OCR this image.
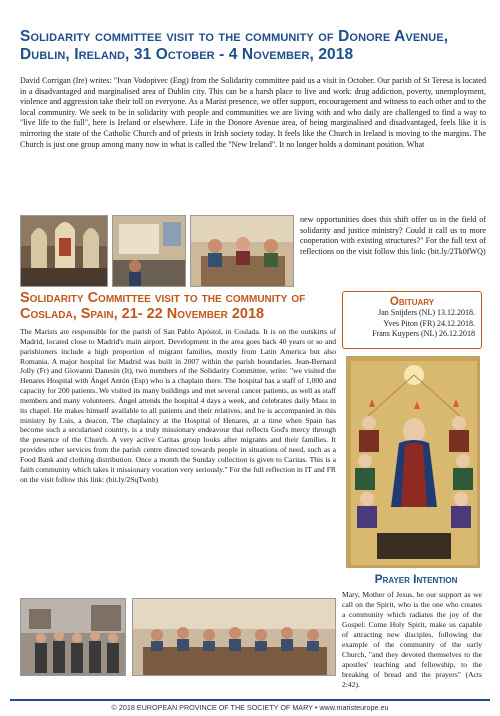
Solidarity committee visit to the community of Donore Avenue, Dublin, Ireland, 31 October - 4 November, 2018
David Corrigan (Ire) writes: "Ivan Vodopivec (Eng) from the Solidarity committee paid us a visit in October. Our parish of St Teresa is located in a disadvantaged and marginalised area of Dublin city. This can be a harsh place to live and work: drug addiction, poverty, unemployment, violence and aggression take their toll on everyone. As a Marist presence, we offer support, encouragement and witness to each other and to the local community. We seek to be in solidarity with people and communities we are living with and who daily are challenged to find a way to "live life to the full", here is Ireland or elsewhere. Life in the Donore Avenue area, of being marginalised and disadvantaged, feels like it is mirroring the state of the Catholic Church and of priests in Irish society today. It feels like the Church in Ireland is moving to the margins. The Church is just one group among many now in what is called the "New Ireland". It no longer holds a dominant position. What
new opportunities does this shift offer us in the field of solidarity and justice ministry? Could it call us to more cooperation with existing structures?" For the full text of reflections on the visit follow this link: (bit.ly/2Tk0fWQ)
Solidarity Committee visit to the community of Coslada, Spain, 21- 22 November 2018
The Marists are responsible for the parish of San Pablo Apóstol, in Coslada. It is on the outskirts of Madrid, located close to Madrid's main airport. Development in the area goes back 40 years or so and parishioners include a high proportion of migrant families, mostly from Latin America but also Romania. A major hospital for Madrid was built in 2007 within the parish boundaries. Jean-Bernard Jolly (Fr) and Giovanni Danesin (It), two members of the Solidarity Committee, write: "we visited the Henares Hospital with Ángel Antón (Esp) who is a chaplain there. The hospital has a staff of 1,000 and capacity for 200 patients. We visited its many buildings and met several cancer patients, as well as staff members and many volunteers. Ángel attends the hospital 4 days a week, and celebrates daily Mass in its chapel. He makes himself available to all patients and their relatives, and he is accompanied in this ministry by Luis, a deacon. The chaplaincy at the Hospital of Henares, at a time when Spain has become such a secularised country, is a truly missionary endeavour that reflects God's mercy through the presence of the Church. A very active Caritas group looks after migrants and their families. It provides other services from the parish centre directed towards people in situations of need, such as a Food Bank and clothing distribution. Once a month the Sunday collection is given to Caritas. This is a faith community which takes it missionary vocation very seriously." For the full reflection in IT and FR on the visit follow this link: (bit.ly/2SqTwnb)
Obituary
Jan Snijders (NL) 13.12.2018.
Yves Piton (FR) 24.12.2018.
Frans Kuypers (NL) 26.12.2018
Prayer Intention
Mary, Mother of Jesus, be our support as we call on the Spirit, who is the one who creates a community which radiates the joy of the Gospel: Come Holy Spirit, make us capable of attracting new disciples, following the example of the community of the early Church, "and they devoted themselves to the apostles' teaching and fellowship, to the breaking of bread and the prayers" (Acts 2:42).
© 2018 EUROPEAN PROVINCE OF THE SOCIETY OF MARY • www.maristeurope.eu
